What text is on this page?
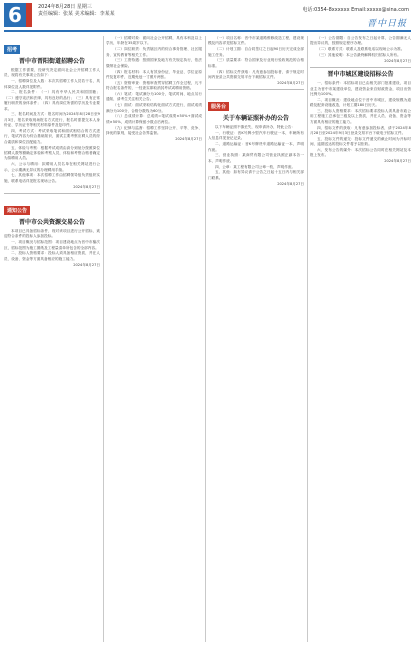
6	2024年8月28日 星期三
责任编辑：张某 美术编辑：李某某
电话:0354-8xxxxxx Email:xxxxx@sina.com
晋中日报
招考
晋中市晋阳街道招聘公告

根据工作需要，经研究决定面向社会公开招聘工作人员，现将有关事项公告如下：

一、招聘岗位及人数：本次共招聘工作人员若干名，具体岗位及人数详见附件。

二、报名条件：（一）具有中华人民共和国国籍；（二）遵守宪法和法律，具有良好的品行；（三）具有正常履行职责的身体条件；（四）具有岗位所需的学历及专业要求。

三、报名时间及方式：报名时间为2024年8月28日至9月3日，报名采取现场报名方式进行，报名时需提交本人身份证、学历证书等相关材料原件及复印件。

四、考试方式：考试采取笔试和面试相结合的方式进行，笔试内容为综合基础知识，面试主要考察应聘人员的综合素质和岗位匹配能力。

五、体检与考察：根据考试成绩由高分到低分按照岗位招聘人数等额确定体检和考察人员，体检和考察合格者确定为拟聘用人员。

六、公示与聘用：拟聘用人员名单在相关网站进行公示，公示期满无异议的办理聘用手续。

七、其他事项：本次招聘工作由招聘领导组负责组织实施，联系电话详见报名现场公告。

2024年8月27日
通知公告
晋中市公共资源交易公告

本项目已具备招标条件，现对该项目进行公开招标，欢迎符合条件的投标人参加投标。

一、项目概况与招标范围：项目建设地点为晋中市榆次区，招标范围为施工图纸及工程量清单所包含的全部内容。

二、投标人资格要求：投标人须具备相应资质，并在人员、设备、资金等方面具备相应的施工能力。

2024年8月27日

（一）招聘对象：面向社会公开招聘，具有本科及以上学历，年龄在35周岁以下。

（二）岗位职责：负责辖区内的综合事务管理、社区服务、宣传教育等相关工作。

（三）工资待遇：按照国家及地方有关规定执行，依法缴纳社会保险。

（四）报名材料：本人有效身份证、毕业证、学位证原件及复印件，近期免冠一寸照片两张。

（五）资格审查：资格审查贯穿招聘工作全过程，凡不符合报名条件的，一经查实即取消其考试或聘用资格。

（六）笔试：笔试满分为100分，笔试时间、地点另行通知，请考生关注相关公告。

（七）面试：面试采取结构化面试方式进行，面试成绩满分为100分，合格分数线为60分。

（八）总成绩计算：总成绩=笔试成绩×50%+面试成绩×50%，成绩计算保留小数点后两位。

（九）纪律与监督：招聘工作坚持公开、平等、竞争、择优的原则，接受社会各界监督。

2024年8月27日

（一）项目名称：晋中市某道路维修改造工程，建设规模及内容详见招标文件。

（二）计划工期：自合同签订之日起90日历天完成全部施工任务。

（三）质量要求：符合国家及行业现行验收规范的合格标准。

（四）招标文件获取：凡有意参加投标者，请于规定时间内登录公共资源交易平台下载招标文件。

2024年8月27日
服务台
关于车辆证照补办的公告

以下车辆证照不慎丢失，现申请补办，特此公告：

一、行驶证：晋K号牌小型汽车行驶证一本，车辆所有人信息详见登记记录。

二、道路运输证：晋K号牌货车道路运输证一本，声明作废。

三、营业执照：某商贸有限公司营业执照正副本各一本，声明作废。

四、公章：某工程有限公司公章一枚，声明作废。

五、其他：如有异议请于公告之日起十五日内与相关部门联系。

2024年8月27日

（一）公告期限：自公告发布之日起计算，公告期满无人提出异议的，按照规定程序办理。

（二）联系方式：联系人及联系电话以现场公示为准。

（三）其他说明：本公告最终解释权归招标人所有。

2024年8月27日
晋中市城区建设招标公告

一、招标条件：本招标项目已由相关部门批准建设，项目业主为晋中市某建设单位，建设资金来自财政资金，项目出资比例为100%。

二、项目概况：建设地点位于晋中市城区，建设规模为道路及配套设施改造，计划工期180日历天。

三、投标人资格要求：本次招标要求投标人须具备市政公用工程施工总承包三级及以上资质，并在人员、设备、资金等方面具有相应的施工能力。

四、招标文件的获取：凡有意参加投标者，请于2024年8月28日至2024年9月3日登录交易平台下载电子招标文件。

五、投标文件的递交：投标文件递交的截止时间为开标时间，逾期送达的投标文件将予以拒收。

六、发布公告的媒介：本次招标公告同时在相关网站及本报上发布。

2024年8月27日
